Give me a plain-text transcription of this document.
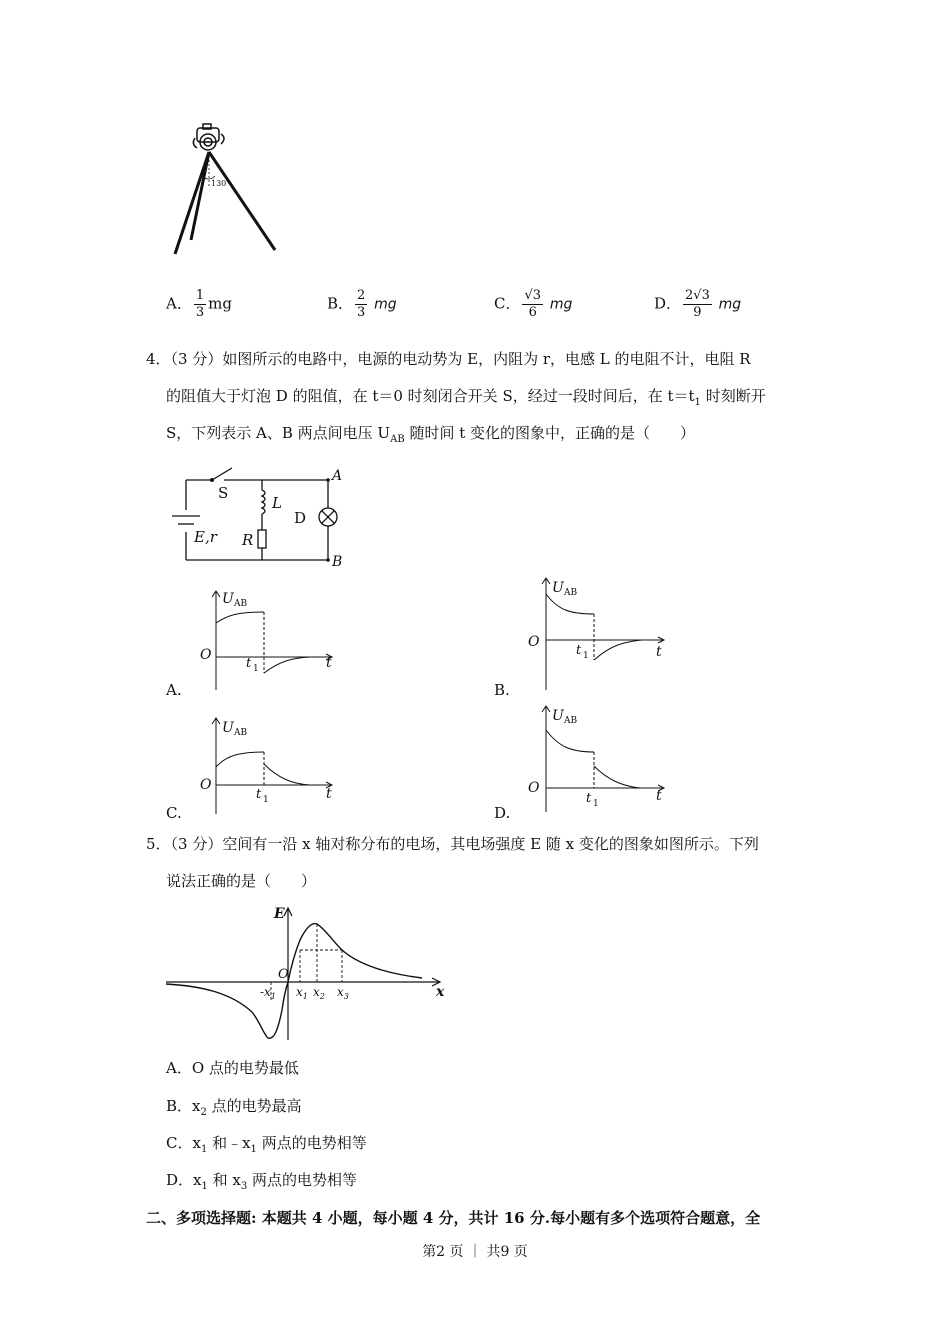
130°
A． $\frac{1}{3}$ mg	B． $\frac{2}{3}$ mg	C． $\frac{√3}{6}$ mg	D． $\frac{2√3}{9}$ mg
4．（3 分）如图所示的电路中，电源的电动势为 E，内阻为 r，电感 L 的电阻不计，电阻 R
的阻值大于灯泡 D 的阻值，在 t＝0 时刻闭合开关 S，经过一段时间后，在 $t=t_1$ 时刻断开
S，下列表示 A、B 两点间电压 $U_{AB}$ 随时间 t 变化的图象中，正确的是（　　）
S
L
D
A
B
R
E,r
U AB
O	t
t 1
A.
U AB
O
t
t 1
B.
U AB
O
t
t 1
C.
U AB
O	t
t 1
D.
5．（3 分）空间有一沿 x 轴对称分布的电场，其电场强度 E 随 x 变化的图象如图所示。下列
说法正确的是（　　）
E
O
x
$-x_1$ $x_1$ $x_2$ $x_3$
A．O 点的电势最低
B．$x_2$ 点的电势最高
C．$x_1$ 和$﹣x_1$ 两点的电势相等
D．$x_1$ 和 $x_3$ 两点的电势相等
二、多项选择题: 本题共 4 小题，每小题 4 分，共计 16 分.每小题有多个选项符合题意，全
第2 页 ｜ 共9 页
